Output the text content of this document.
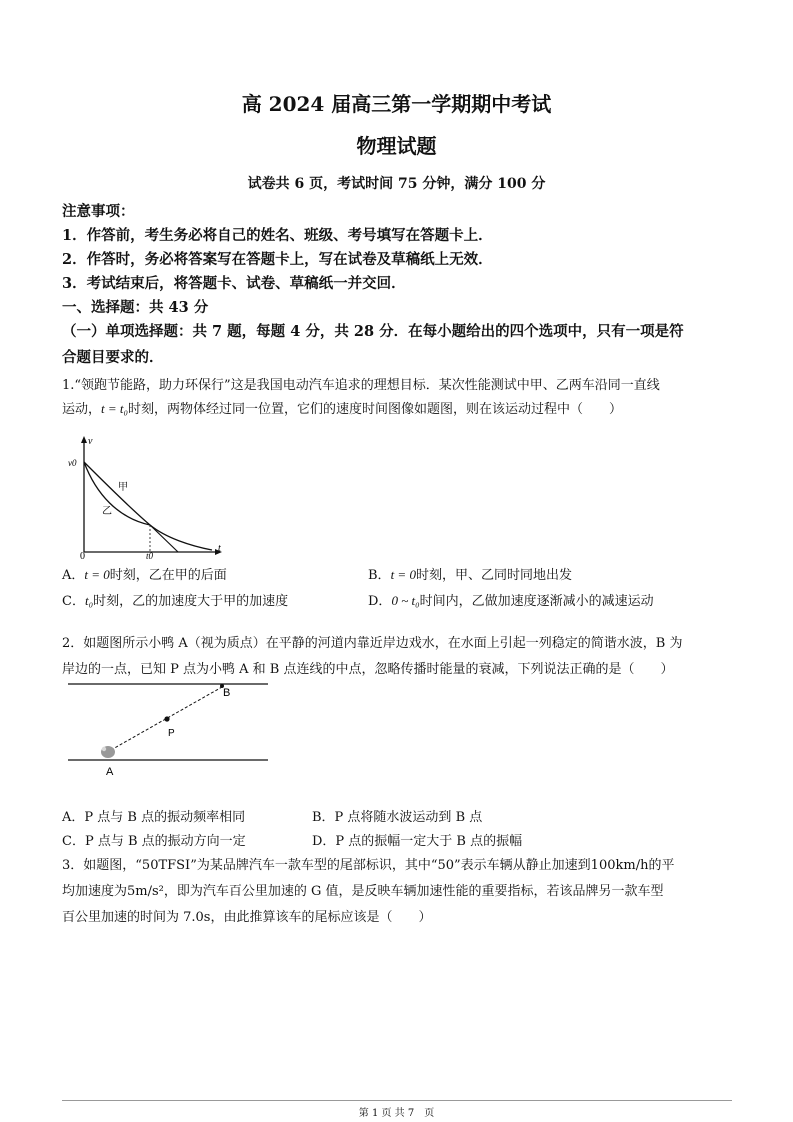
高 2024 届高三第一学期期中考试
物理试题
试卷共 6 页，考试时间 75 分钟，满分 100 分
注意事项：
1．作答前，考生务必将自己的姓名、班级、考号填写在答题卡上．
2．作答时，务必将答案写在答题卡上，写在试卷及草稿纸上无效．
3．考试结束后，将答题卡、试卷、草稿纸一并交回．
一、选择题：共 43 分
（一）单项选择题：共 7 题，每题 4 分，共 28 分．在每小题给出的四个选项中，只有一项是符
合题目要求的．
1.“领跑节能路，助力环保行”这是我国电动汽车追求的理想目标．某次性能测试中甲、乙两车沿同一直线
运动，t = t₀时刻，两物体经过同一位置，它们的速度时间图像如题图，则在该运动过程中（　　）
v
v0
t
0	t0
甲
乙
A．t = 0时刻，乙在甲的后面	B．t = 0时刻，甲、乙同时同地出发
C．t₀时刻，乙的加速度大于甲的加速度	D．0 ~ t₀时间内，乙做加速度逐渐减小的减速运动
2．如题图所示小鸭 A（视为质点）在平静的河道内靠近岸边戏水，在水面上引起一列稳定的简谐水波，B 为
岸边的一点，已知 P 点为小鸭 A 和 B 点连线的中点，忽略传播时能量的衰减，下列说法正确的是（　　）
B
P
A
A．P 点与 B 点的振动频率相同	B．P 点将随水波运动到 B 点
C．P 点与 B 点的振动方向一定	D．P 点的振幅一定大于 B 点的振幅
3．如题图，“50TFSI”为某品牌汽车一款车型的尾部标识，其中“50”表示车辆从静止加速到100km/h的平
均加速度为5m/s²，即为汽车百公里加速的 G 值，是反映车辆加速性能的重要指标，若该品牌另一款车型
百公里加速的时间为 7.0s，由此推算该车的尾标应该是（　　）
第 1 页 共 7　页
